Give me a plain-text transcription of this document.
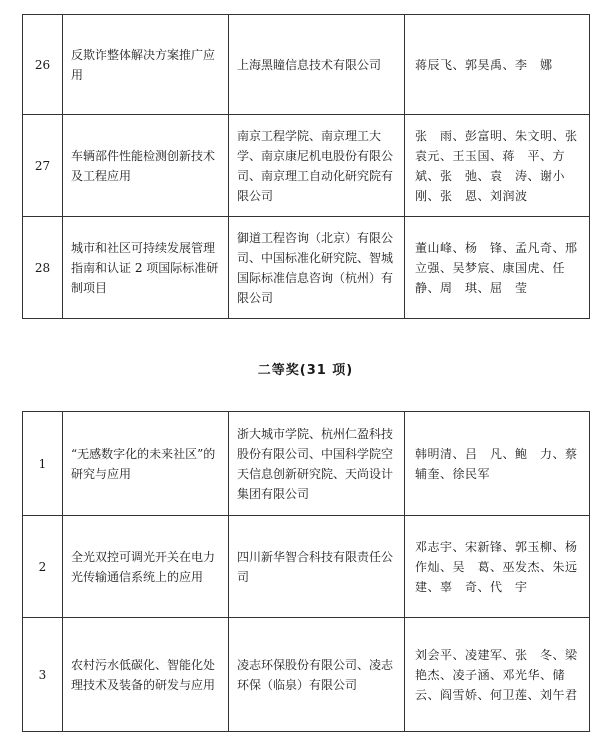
26	反欺诈整体解决方案推广应用	上海黑瞳信息技术有限公司	蒋辰飞、郭昊禹、李　娜
27	车辆部件性能检测创新技术及工程应用	南京工程学院、南京理工大学、南京康尼机电股份有限公司、南京理工自动化研究院有限公司	张　雨、彭富明、朱文明、张袁元、王玉国、蒋　平、方　斌、张　弛、袁　涛、谢小刚、张　恩、刘润波
28	城市和社区可持续发展管理指南和认证 2 项国际标准研制项目	御道工程咨询（北京）有限公司、中国标准化研究院、智城国际标准信息咨询（杭州）有限公司	董山峰、杨　锋、孟凡奇、邢立强、吴梦宸、康国虎、任　静、周　琪、屈　莹
二等奖(31 项)
1	“无感数字化的未来社区”的研究与应用	浙大城市学院、杭州仁盈科技股份有限公司、中国科学院空天信息创新研究院、天尚设计集团有限公司	韩明清、吕　凡、鲍　力、蔡辅奎、徐民军
2	全光双控可调光开关在电力光传输通信系统上的应用	四川新华智合科技有限责任公司	邓志宇、宋新锋、郭玉柳、杨作灿、吴　葛、巫发杰、朱远建、辜　奇、代　宇
3	农村污水低碳化、智能化处理技术及装备的研发与应用	凌志环保股份有限公司、凌志环保（临泉）有限公司	刘会平、凌建军、张　冬、梁艳杰、凌子涵、邓光华、储　云、阎雪娇、何卫莲、刘午君
